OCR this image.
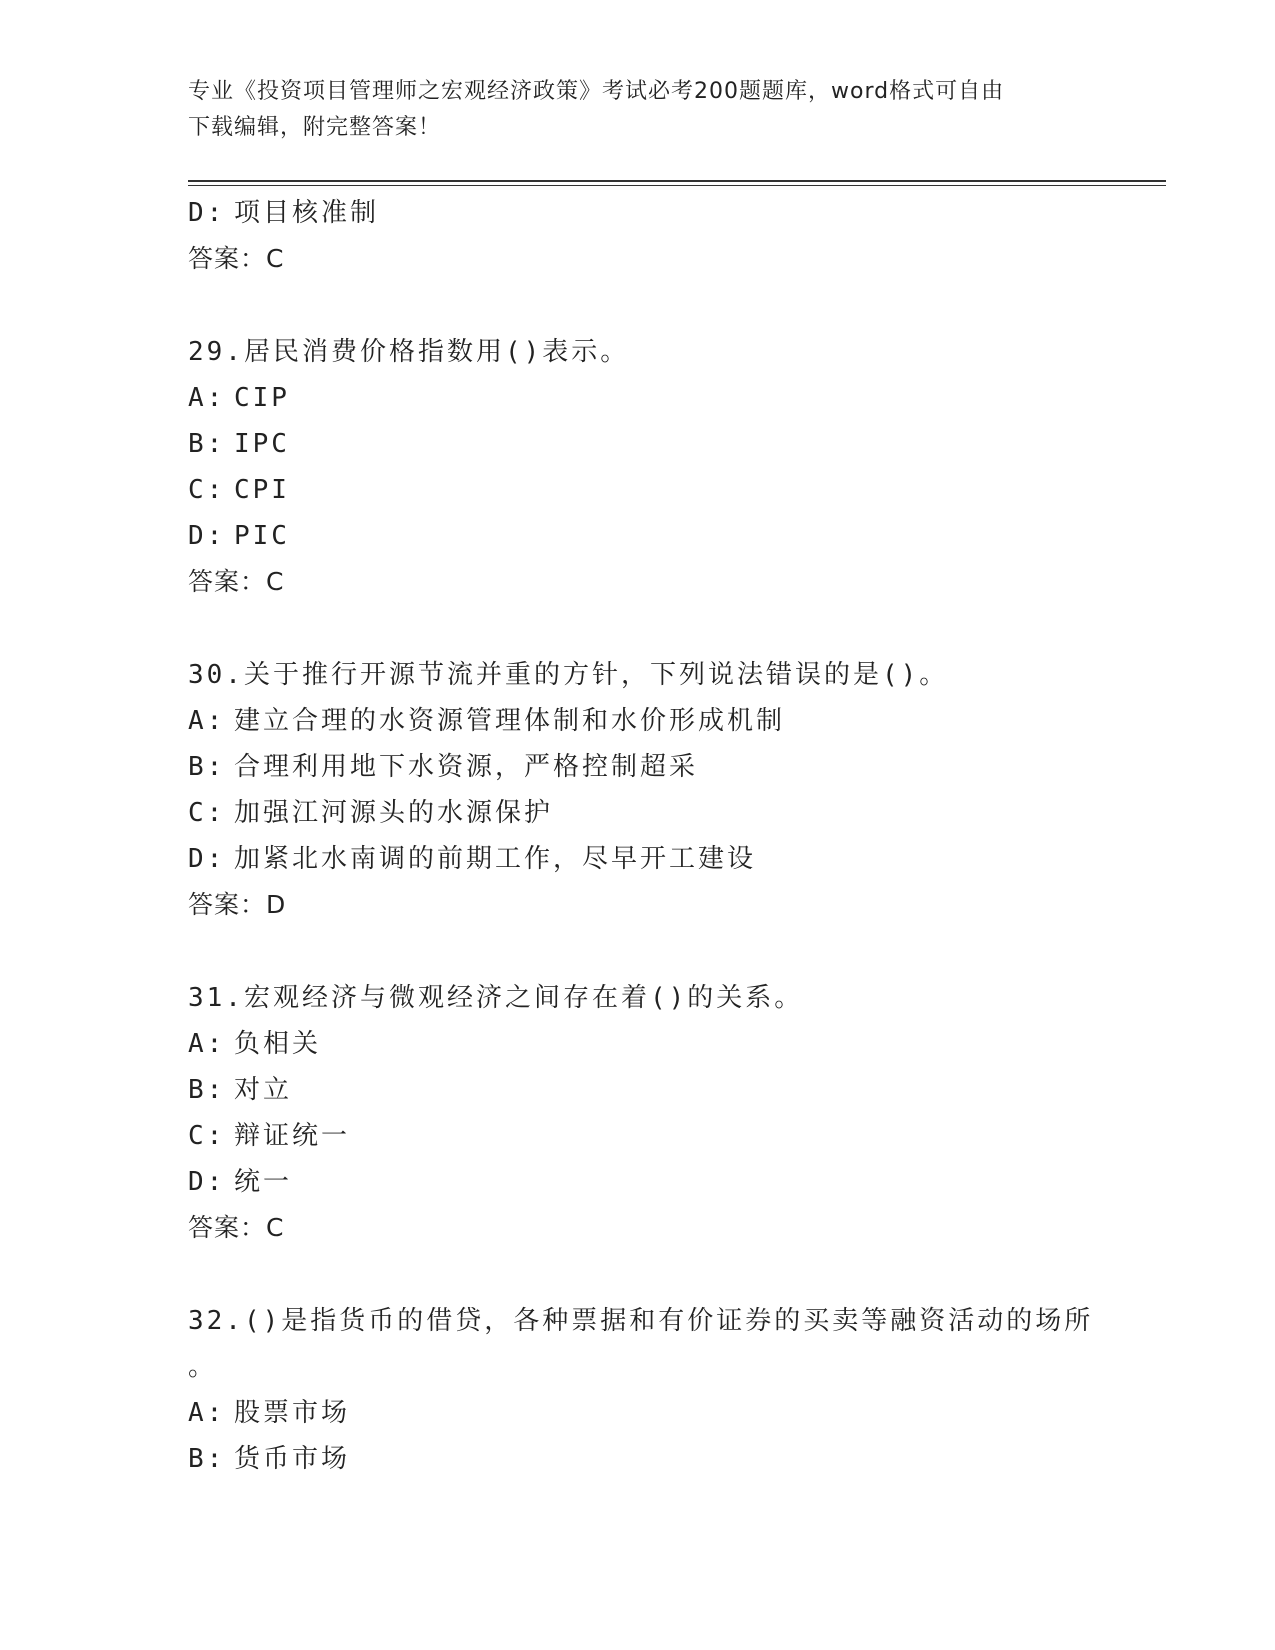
专业《投资项目管理师之宏观经济政策》考试必考200题题库，word格式可自由
下载编辑，附完整答案！
D: 项目核准制
答案：C
29.居民消费价格指数用()表示。
A: CIP
B: IPC
C: CPI
D: PIC
答案：C
30.关于推行开源节流并重的方针，下列说法错误的是()。
A: 建立合理的水资源管理体制和水价形成机制
B: 合理利用地下水资源，严格控制超采
C: 加强江河源头的水源保护
D: 加紧北水南调的前期工作，尽早开工建设
答案：D
31.宏观经济与微观经济之间存在着()的关系。
A: 负相关
B: 对立
C: 辩证统一
D: 统一
答案：C
32.()是指货币的借贷，各种票据和有价证券的买卖等融资活动的场所
。
A: 股票市场
B: 货币市场
